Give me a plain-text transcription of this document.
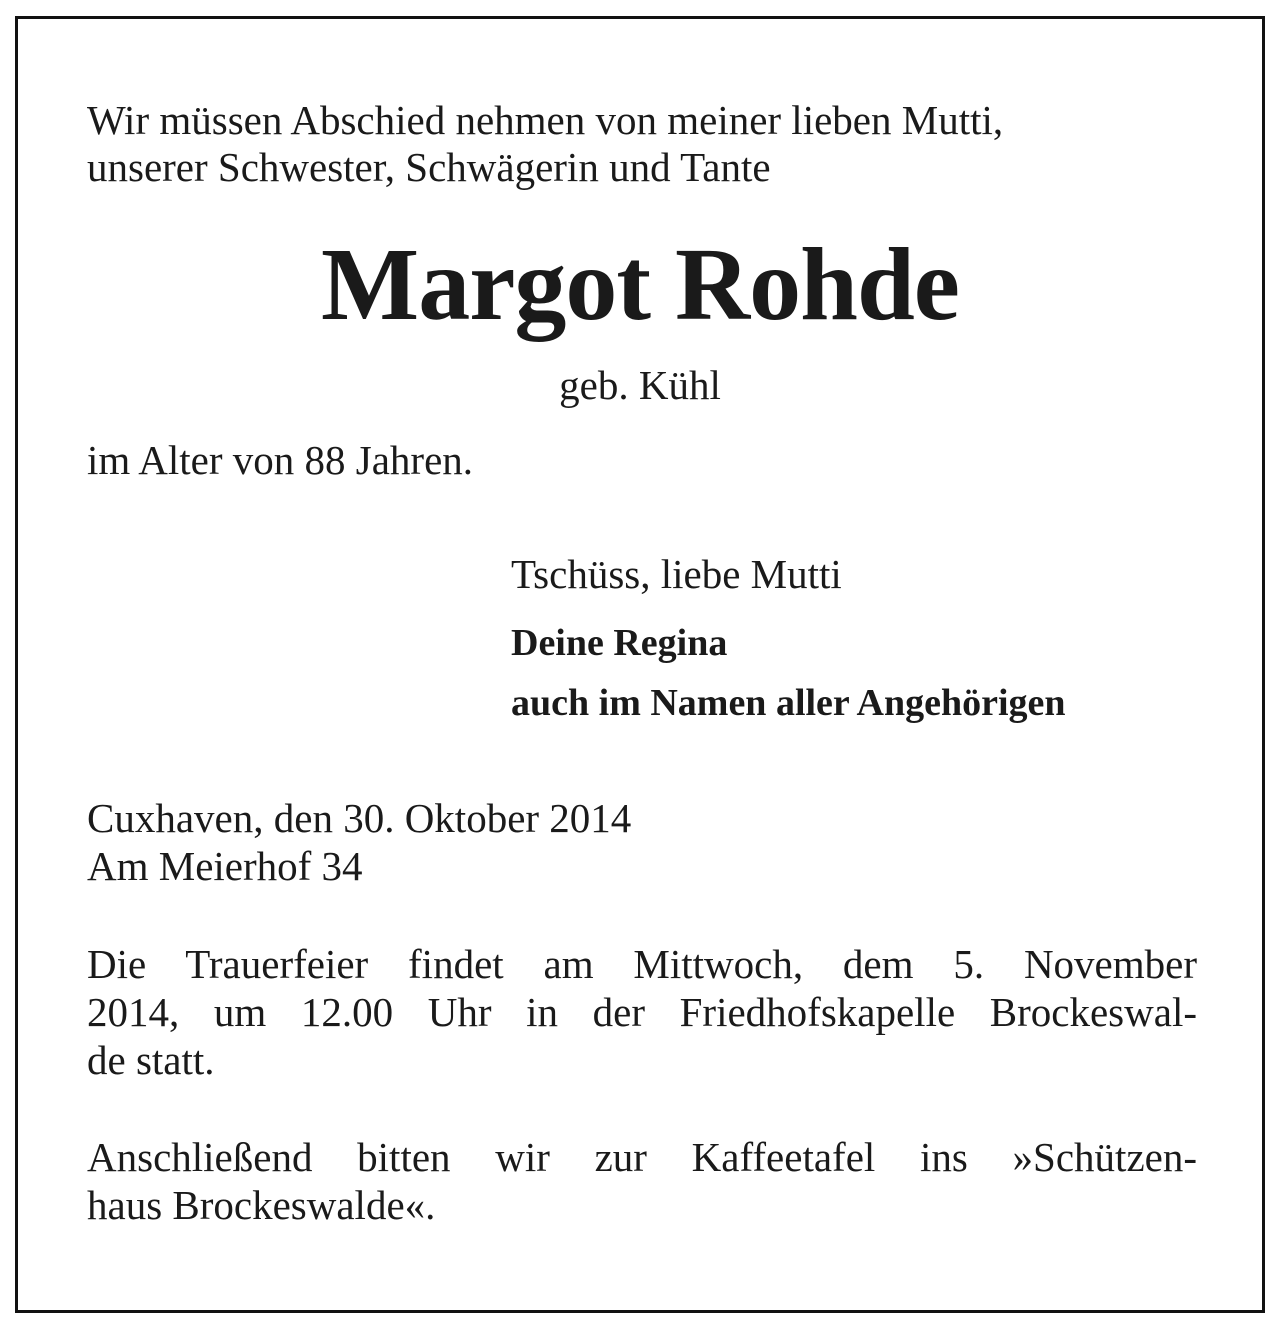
Wir müssen Abschied nehmen von meiner lieben Mutti,
unserer Schwester, Schwägerin und Tante

Margot Rohde

geb. Kühl

im Alter von 88 Jahren.

Tschüss, liebe Mutti

Deine Regina

auch im Namen aller Angehörigen

Cuxhaven, den 30. Oktober 2014

Am Meierhof 34

Die Trauerfeier findet am Mittwoch, dem 5. November
2014, um 12.00 Uhr in der Friedhofskapelle Brockeswal-
de statt.
Anschließend bitten wir zur Kaffeetafel ins »Schützen-
haus Brockeswalde«.
